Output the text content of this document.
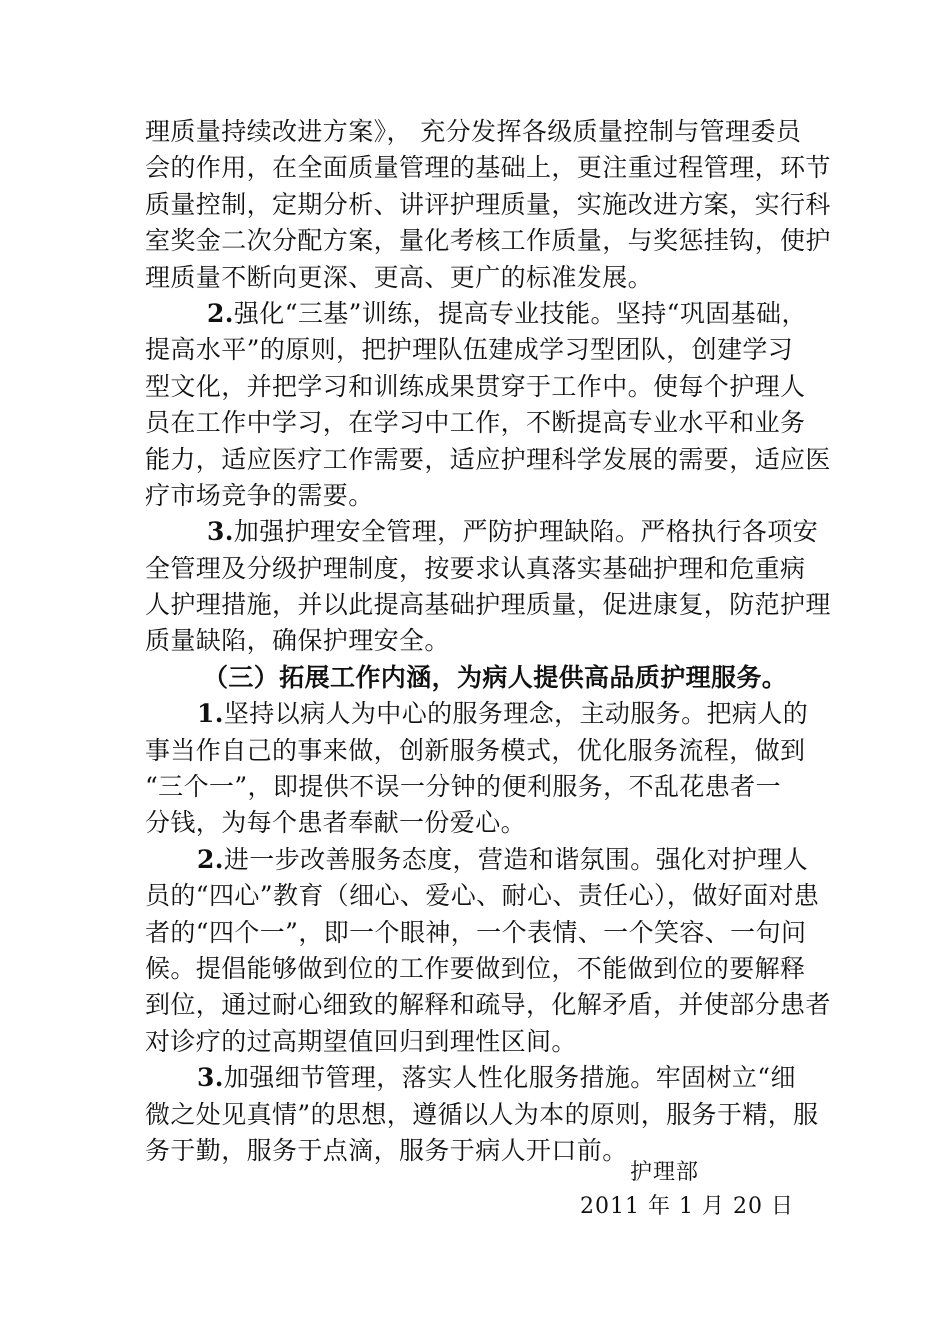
理质量持续改进方案》， 充分发挥各级质量控制与管理委员
会的作用，在全面质量管理的基础上，更注重过程管理，环节
质量控制，定期分析、讲评护理质量，实施改进方案，实行科
室奖金二次分配方案，量化考核工作质量，与奖惩挂钩，使护
理质量不断向更深、更高、更广的标准发展。
2.强化“三基”训练，提高专业技能。坚持“巩固基础，
提高水平”的原则，把护理队伍建成学习型团队，创建学习
型文化，并把学习和训练成果贯穿于工作中。使每个护理人
员在工作中学习，在学习中工作，不断提高专业水平和业务
能力，适应医疗工作需要，适应护理科学发展的需要，适应医
疗市场竞争的需要。
3.加强护理安全管理，严防护理缺陷。严格执行各项安
全管理及分级护理制度，按要求认真落实基础护理和危重病
人护理措施，并以此提高基础护理质量，促进康复，防范护理
质量缺陷，确保护理安全。
（三）拓展工作内涵，为病人提供高品质护理服务。
1.坚持以病人为中心的服务理念，主动服务。把病人的
事当作自己的事来做，创新服务模式，优化服务流程，做到
“三个一”，即提供不误一分钟的便利服务，不乱花患者一
分钱，为每个患者奉献一份爱心。
2.进一步改善服务态度，营造和谐氛围。强化对护理人
员的“四心”教育（细心、爱心、耐心、责任心），做好面对患
者的“四个一”，即一个眼神，一个表情、一个笑容、一句问
候。提倡能够做到位的工作要做到位，不能做到位的要解释
到位，通过耐心细致的解释和疏导，化解矛盾，并使部分患者
对诊疗的过高期望值回归到理性区间。
3.加强细节管理，落实人性化服务措施。牢固树立“细
微之处见真情”的思想，遵循以人为本的原则，服务于精，服
务于勤，服务于点滴，服务于病人开口前。
护理部
2011 年 1 月 20 日
